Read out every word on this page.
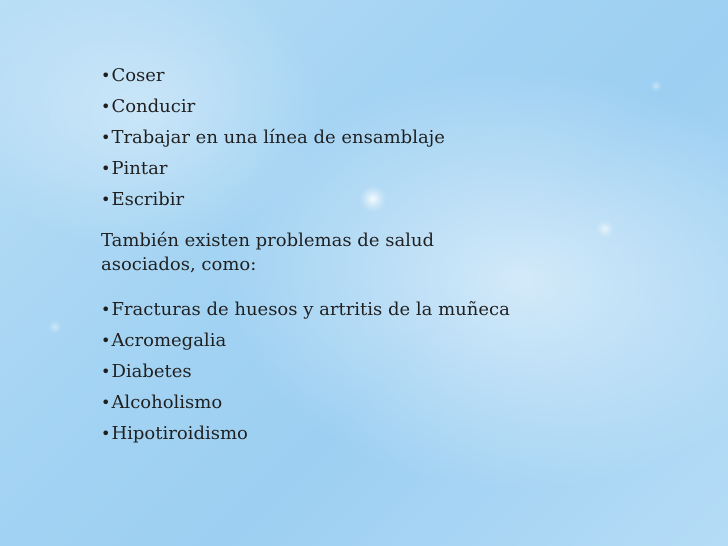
•Coser
•Conducir
•Trabajar en una línea de ensamblaje
•Pintar
•Escribir

También existen problemas de salud
asociados, como:

•Fracturas de huesos y artritis de la muñeca
•Acromegalia
•Diabetes
•Alcoholismo
•Hipotiroidismo
